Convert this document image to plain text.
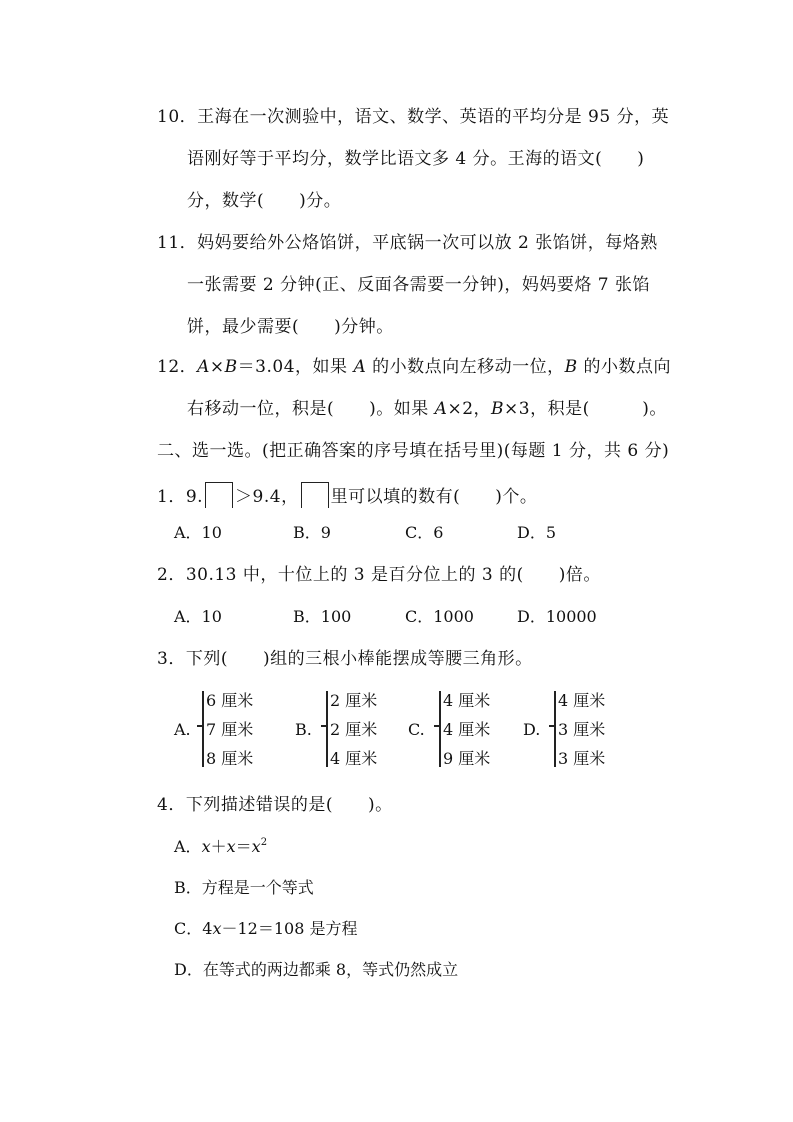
10．王海在一次测验中，语文、数学、英语的平均分是 95 分，英
语刚好等于平均分，数学比语文多 4 分。王海的语文(　　)
分，数学(　　)分。
11．妈妈要给外公烙馅饼，平底锅一次可以放 2 张馅饼，每烙熟
一张需要 2 分钟(正、反面各需要一分钟)，妈妈要烙 7 张馅
饼，最少需要(　　)分钟。
12．A×B＝3.04，如果 A 的小数点向左移动一位，B 的小数点向
右移动一位，积是(　　)。如果 A×2，B×3，积是(　　　)。
二、选一选。(把正确答案的序号填在括号里)(每题 1 分，共 6 分)
1．9. ＞9.4， 里可以填的数有(　　)个。
A．10	B．9	C．6	D．5
2．30.13 中，十位上的 3 是百分位上的 3 的(　　)倍。
A．10	B．100	C．1000	D．10000
3．下列(　　)组的三根小棒能摆成等腰三角形。
A.
6 厘米
7 厘米
8 厘米
B.
2 厘米
2 厘米
4 厘米
C.
4 厘米
4 厘米
9 厘米
D.
4 厘米
3 厘米
3 厘米
4．下列描述错误的是(　　)。
A．$x+x=x^2$
B．方程是一个等式
C．4x－12＝108 是方程
D．在等式的两边都乘 8，等式仍然成立
